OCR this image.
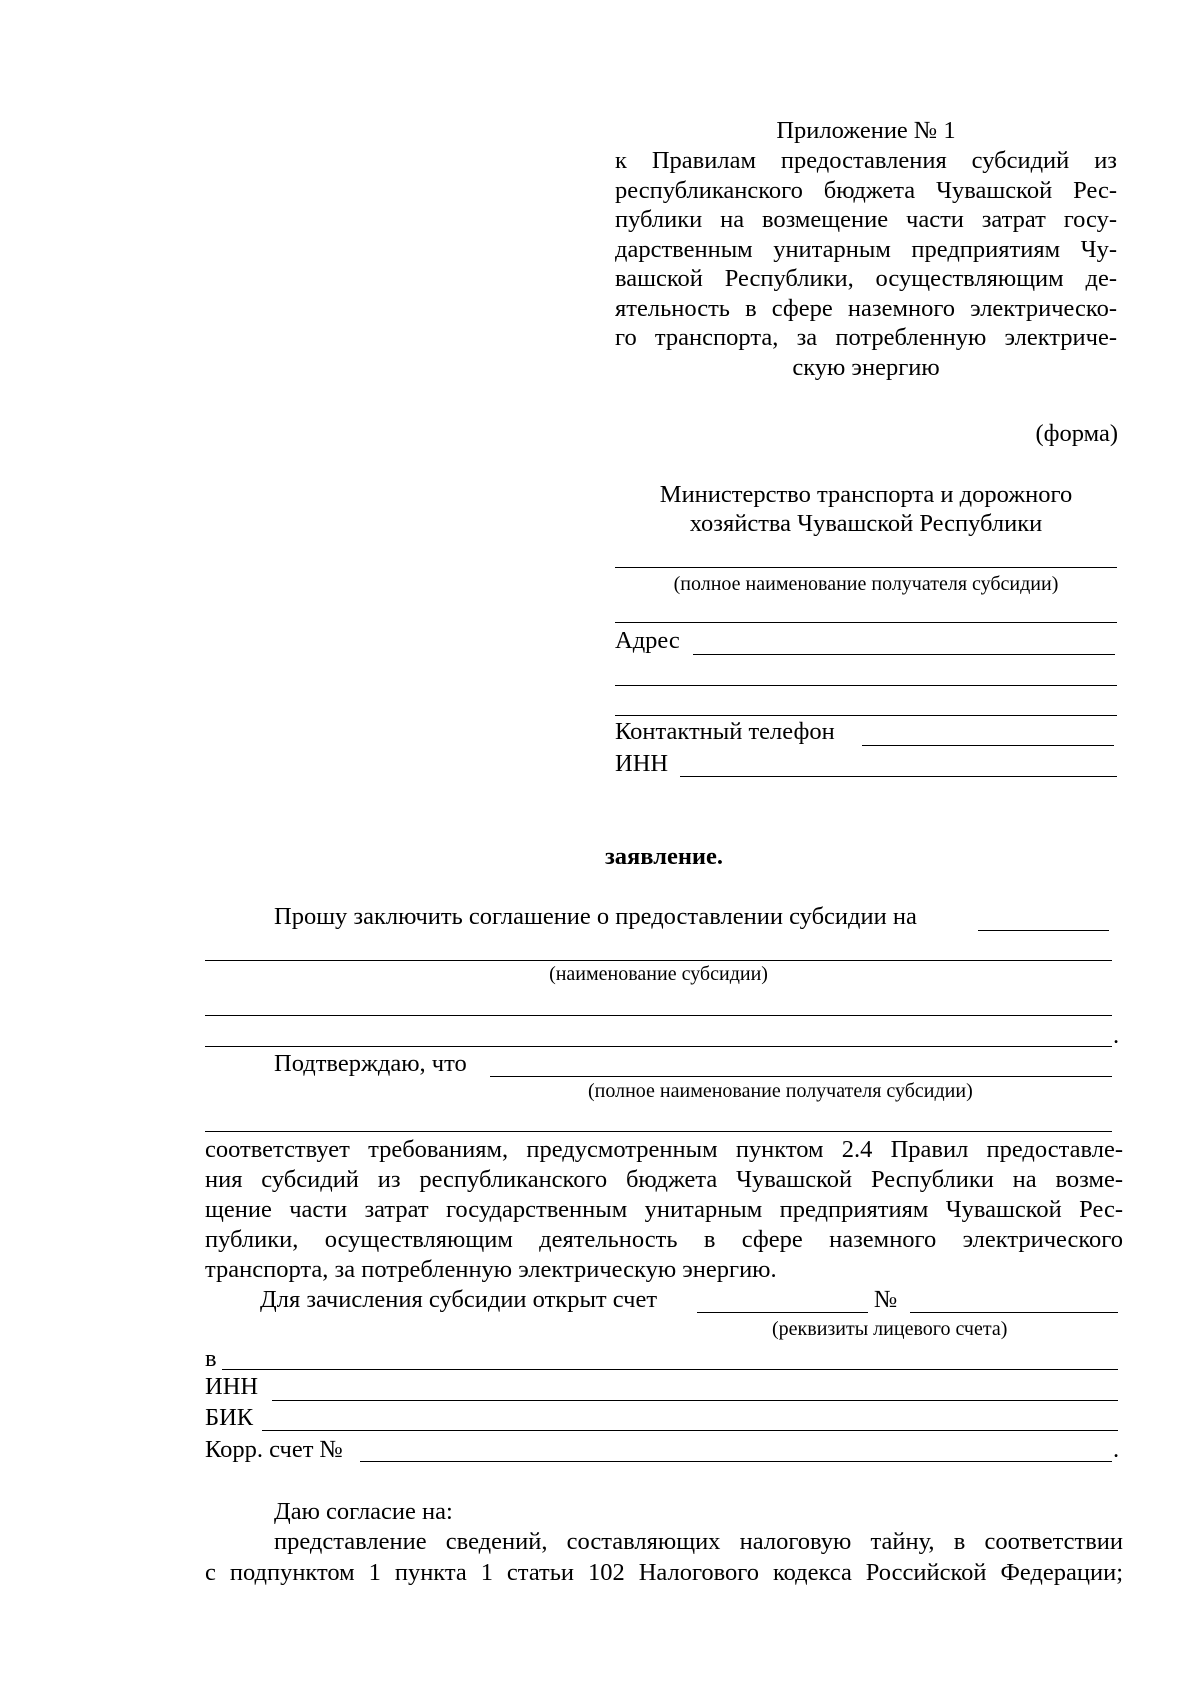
Приложение № 1
к Правилам предоставления субсидий из
республиканского бюджета Чувашской Рес-
публики на возмещение части затрат госу-
дарственным унитарным предприятиям Чу-
вашской Республики, осуществляющим де-
ятельность в сфере наземного электрическо-
го транспорта, за потребленную электриче-
скую энергию
(форма)
Министерство транспорта и дорожного
хозяйства Чувашской Республики
(полное наименование получателя субсидии)
Адрес
Контактный телефон
ИНН
заявление.
Прошу заключить соглашение о предоставлении субсидии на
(наименование субсидии)
.
Подтверждаю, что
(полное наименование получателя субсидии)
соответствует требованиям, предусмотренным пунктом 2.4 Правил предоставле-
ния субсидий из республиканского бюджета Чувашской Республики на возме-
щение части затрат государственным унитарным предприятиям Чувашской Рес-
публики, осуществляющим деятельность в сфере наземного электрического
транспорта, за потребленную электрическую энергию.
Для зачисления субсидии открыт счет	№
(реквизиты лицевого счета)
в
ИНН
БИК
Корр. счет №	.
Даю согласие на:
представление сведений, составляющих налоговую тайну, в соответствии
с подпунктом 1 пункта 1 статьи 102 Налогового кодекса Российской Федерации;
